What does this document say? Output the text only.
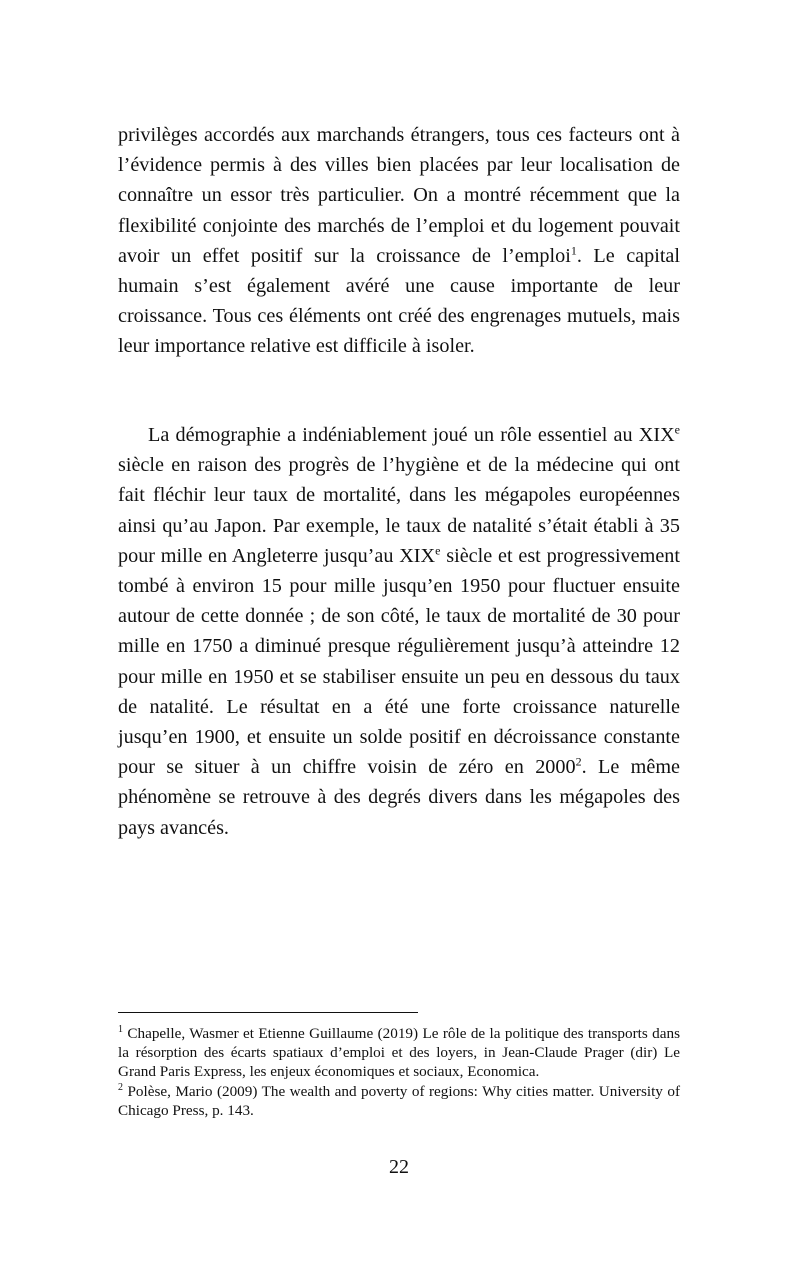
privilèges accordés aux marchands étrangers, tous ces facteurs ont à l’évidence permis à des villes bien placées par leur localisation de connaître un essor très particulier. On a montré récemment que la flexibilité conjointe des marchés de l’emploi et du logement pouvait avoir un effet positif sur la croissance de l’emploi$^1$. Le capital humain s’est également avéré une cause importante de leur croissance. Tous ces éléments ont créé des engrenages mutuels, mais leur importance relative est difficile à isoler.

La démographie a indéniablement joué un rôle essentiel au XIXe siècle en raison des progrès de l’hygiène et de la médecine qui ont fait fléchir leur taux de mortalité, dans les mégapoles européennes ainsi qu’au Japon. Par exemple, le taux de natalité s’était établi à 35 pour mille en Angleterre jusqu’au XIXe siècle et est progressivement tombé à environ 15 pour mille jusqu’en 1950 pour fluctuer ensuite autour de cette donnée ; de son côté, le taux de mortalité de 30 pour mille en 1750 a diminué presque régulièrement jusqu’à atteindre 12 pour mille en 1950 et se stabiliser ensuite un peu en dessous du taux de natalité. Le résultat en a été une forte croissance naturelle jusqu’en 1900, et ensuite un solde positif en décroissance constante pour se situer à un chiffre voisin de zéro en 2000$^2$. Le même phénomène se retrouve à des degrés divers dans les mégapoles des pays avancés.

$^1$ Chapelle, Wasmer et Etienne Guillaume (2019) Le rôle de la politique des transports dans la résorption des écarts spatiaux d’emploi et des loyers, in Jean-Claude Prager (dir) Le Grand Paris Express, les enjeux économiques et sociaux, Economica.

$^2$ Polèse, Mario (2009) The wealth and poverty of regions: Why cities matter. University of Chicago Press, p. 143.

22
